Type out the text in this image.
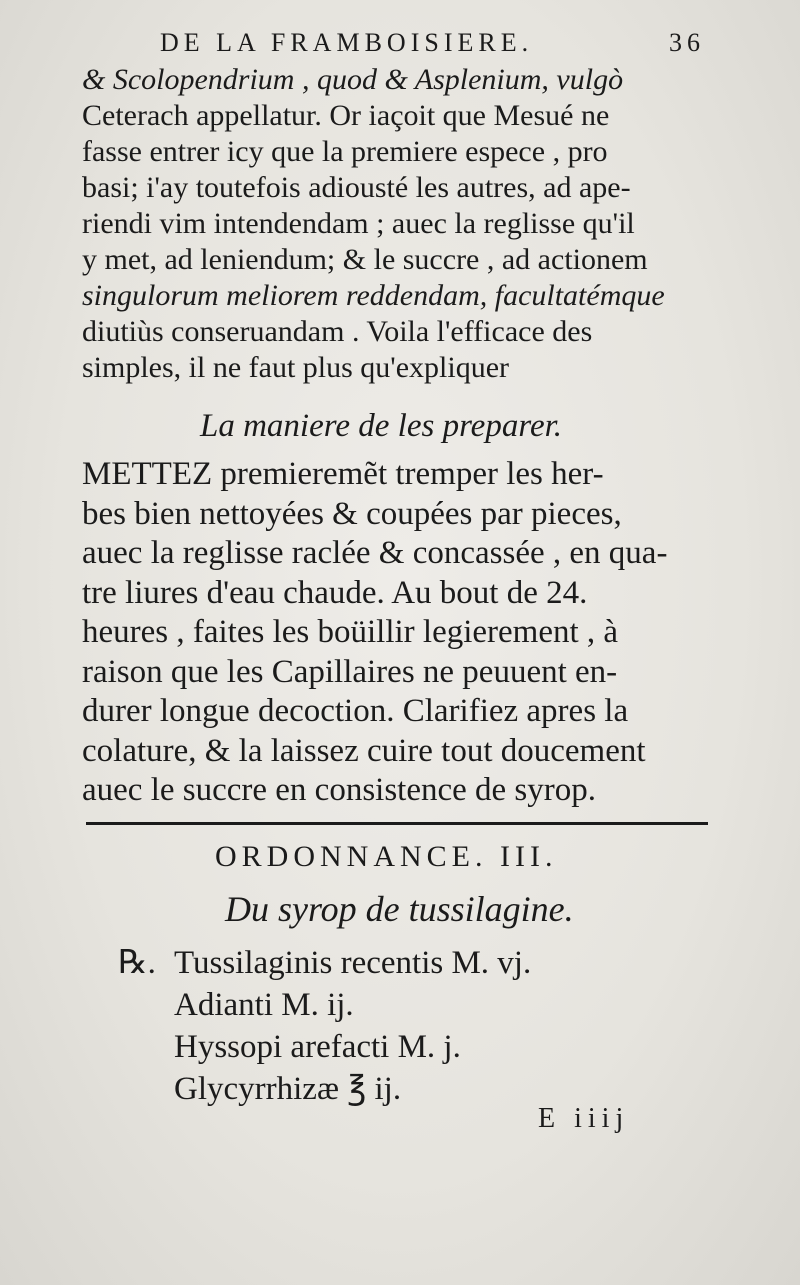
DE LA FRAMBOISIERE.	36
& Scolopendrium , quod & Asplenium, vulgò
Ceterach appellatur. Or iaçoit que Mesué ne
fasse entrer icy que la premiere espece , pro
basi; i'ay toutefois adiousté les autres, ad ape-
riendi vim intendendam ; auec la reglisse qu'il
y met, ad leniendum; & le succre , ad actionem
singulorum meliorem reddendam, facultatémque
diutiùs conseruandam . Voila l'efficace des
simples, il ne faut plus qu'expliquer
La maniere de les preparer.
METTEZ premieremẽt tremper les her-
bes bien nettoyées & coupées par pieces,
auec la reglisse raclée & concassée , en qua-
tre liures d'eau chaude. Au bout de 24.
heures , faites les boüillir legierement , à
raison que les Capillaires ne peuuent en-
durer longue decoction. Clarifiez apres la
colature, & la laissez cuire tout doucement
auec le succre en consistence de syrop.
ORDONNANCE. III.
Du syrop de tussilagine.
℞. Tussilaginis recentis M. vj.
Adianti M. ij.
Hyssopi arefacti M. j.
Glycyrrhizæ ℥ ij.
E iiij
